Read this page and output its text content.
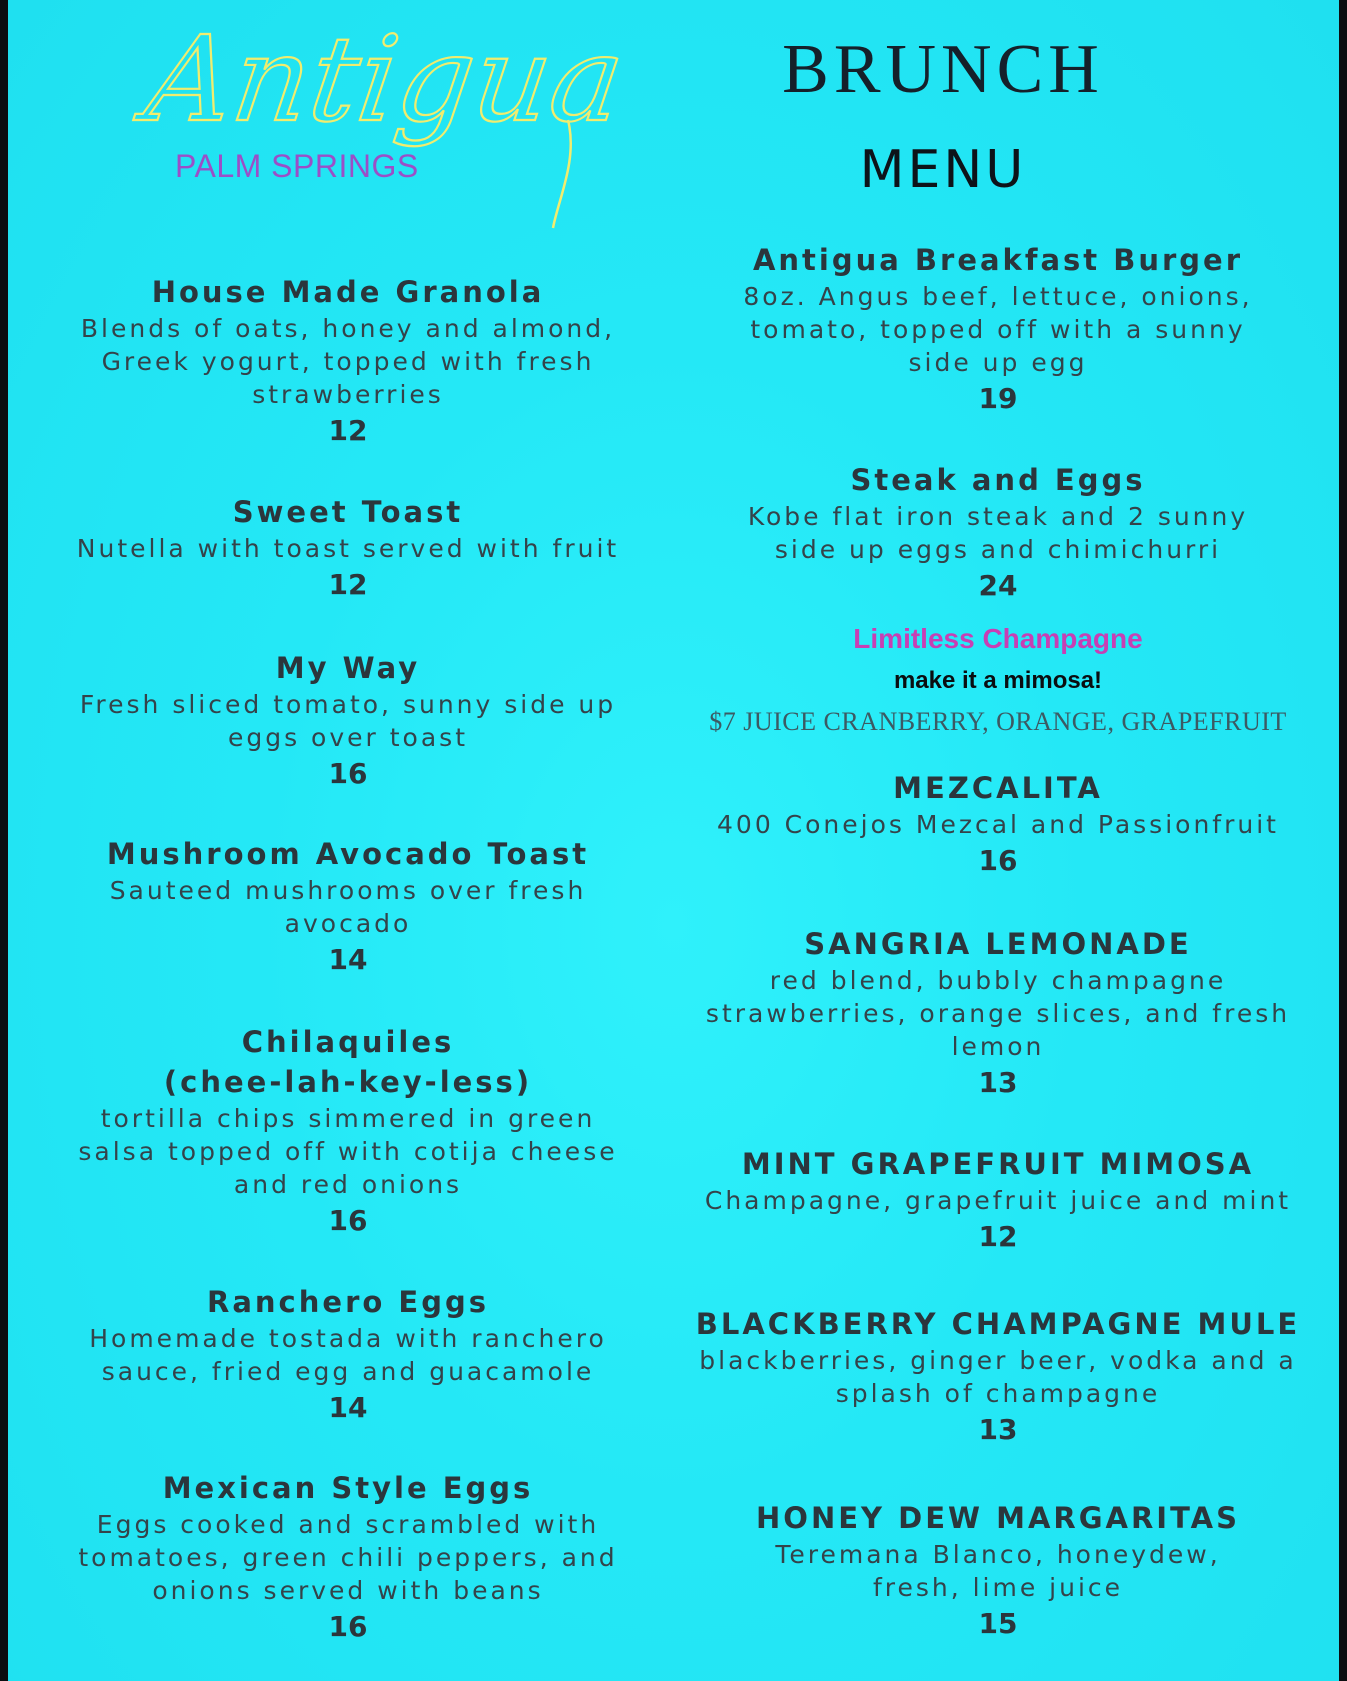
Antigua
PALM SPRINGS
BRUNCH
MENU
House Made Granola
Blends of oats, honey and almond,
Greek yogurt, topped with fresh
strawberries
12
Sweet Toast
Nutella with toast served with fruit
12
My Way
Fresh sliced tomato, sunny side up
eggs over toast
16
Mushroom Avocado Toast
Sauteed mushrooms over fresh
avocado
14
Chilaquiles
(chee-lah-key-less)
tortilla chips simmered in green
salsa topped off with cotija cheese
and red onions
16
Ranchero Eggs
Homemade tostada with ranchero
sauce, fried egg and guacamole
14
Mexican Style Eggs
Eggs cooked and scrambled with
tomatoes, green chili peppers, and
onions served with beans
16
Antigua Breakfast Burger
8oz. Angus beef, lettuce, onions,
tomato, topped off with a sunny
side up egg
19
Steak and Eggs
Kobe flat iron steak and 2 sunny
side up eggs and chimichurri
24
Limitless Champagne
make it a mimosa!
$7 JUICE CRANBERRY, ORANGE, GRAPEFRUIT
MEZCALITA
400 Conejos Mezcal and Passionfruit
16
SANGRIA LEMONADE
red blend, bubbly champagne
strawberries, orange slices, and fresh
lemon
13
MINT GRAPEFRUIT MIMOSA
Champagne, grapefruit juice and mint
12
BLACKBERRY CHAMPAGNE MULE
blackberries, ginger beer, vodka and a
splash of champagne
13
HONEY DEW MARGARITAS
Teremana Blanco, honeydew,
fresh, lime juice
15
